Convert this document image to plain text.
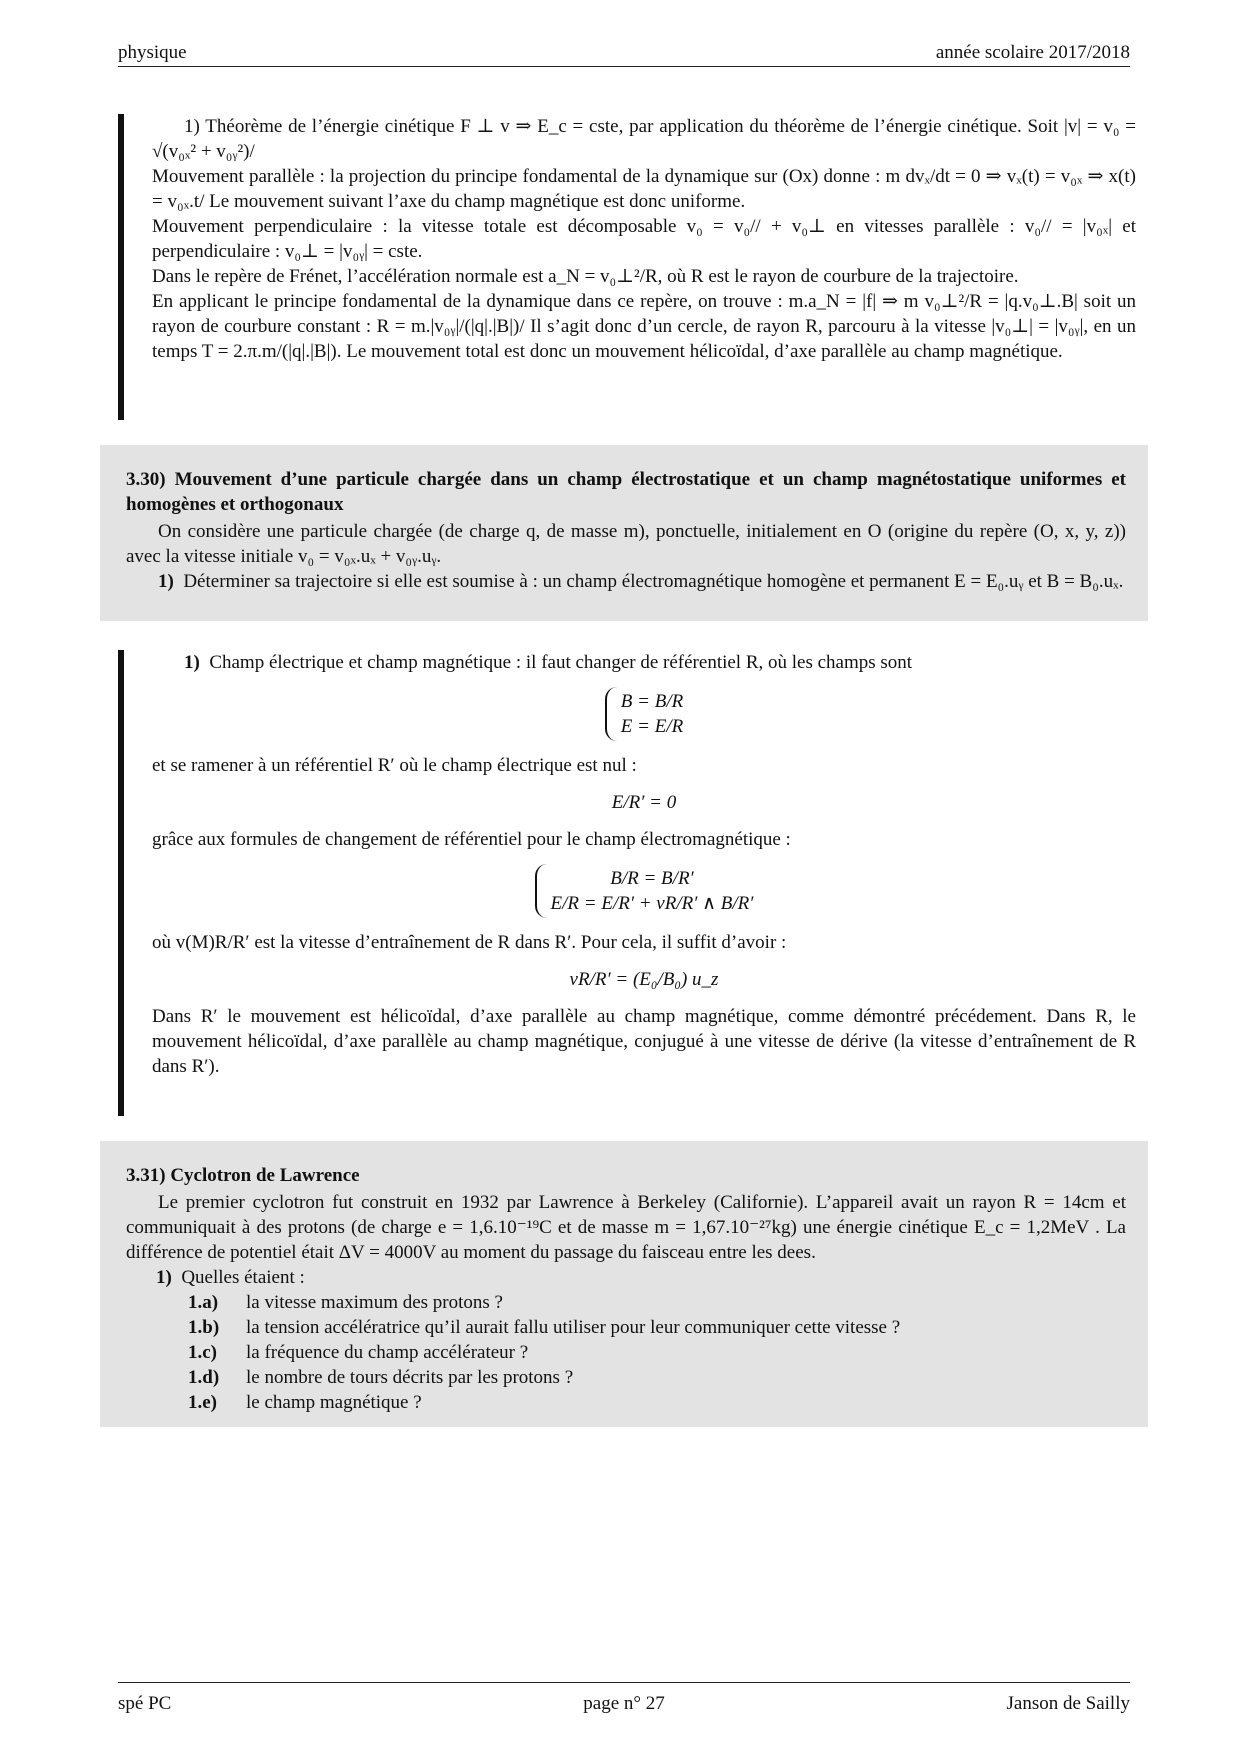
physique	année scolaire 2017/2018

1) Théorème de l’énergie cinétique F ⊥ v ⇒ E_c = cste, par application du théorème de l’énergie cinétique. Soit |v| = v₀ = √(v₀ₓ² + v₀ᵧ²)/

Mouvement parallèle : la projection du principe fondamental de la dynamique sur (Ox) donne : m dvₓ/dt = 0 ⇒ vₓ(t) = v₀ₓ ⇒ x(t) = v₀ₓ.t/ Le mouvement suivant l’axe du champ magnétique est donc uniforme.

Mouvement perpendiculaire : la vitesse totale est décomposable v₀ = v₀// + v₀⊥ en vitesses parallèle : v₀// = |v₀ₓ| et perpendiculaire : v₀⊥ = |v₀ᵧ| = cste.

Dans le repère de Frénet, l’accélération normale est a_N = v₀⊥²/R, où R est le rayon de courbure de la trajectoire.

En applicant le principe fondamental de la dynamique dans ce repère, on trouve : m.a_N = |f| ⇒ m v₀⊥²/R = |q.v₀⊥.B| soit un rayon de courbure constant : R = m.|v₀ᵧ|/(|q|.|B|)/ Il s’agit donc d’un cercle, de rayon R, parcouru à la vitesse |v₀⊥| = |v₀ᵧ|, en un temps T = 2.π.m/(|q|.|B|). Le mouvement total est donc un mouvement hélicoïdal, d’axe parallèle au champ magnétique.

3.30) Mouvement d’une particule chargée dans un champ électrostatique et un champ magnétostatique uniformes et homogènes et orthogonaux

On considère une particule chargée (de charge q, de masse m), ponctuelle, initialement en O (origine du repère (O, x, y, z)) avec la vitesse initiale v₀ = v₀ₓ.uₓ + v₀ᵧ.uᵧ.

1) Déterminer sa trajectoire si elle est soumise à : un champ électromagnétique homogène et permanent E = E₀.uᵧ et B = B₀.uₓ.

1) Champ électrique et champ magnétique : il faut changer de référentiel R, où les champs sont

B = B/R
E = E/R

et se ramener à un référentiel R′ où le champ électrique est nul :

E/R′ = 0

grâce aux formules de changement de référentiel pour le champ électromagnétique :

B/R = B/R′
E/R = E/R′ + vR/R′ ∧ B/R′

où v(M)R/R′ est la vitesse d’entraînement de R dans R′. Pour cela, il suffit d’avoir :

vR/R′ = (E₀/B₀) u_z

Dans R′ le mouvement est hélicoïdal, d’axe parallèle au champ magnétique, comme démontré précédement. Dans R, le mouvement hélicoïdal, d’axe parallèle au champ magnétique, conjugué à une vitesse de dérive (la vitesse d’entraînement de R dans R′).

3.31) Cyclotron de Lawrence

Le premier cyclotron fut construit en 1932 par Lawrence à Berkeley (Californie). L’appareil avait un rayon R = 14cm et communiquait à des protons (de charge e = 1,6.10⁻¹⁹C et de masse m = 1,67.10⁻²⁷kg) une énergie cinétique E_c = 1,2MeV . La différence de potentiel était ΔV = 4000V au moment du passage du faisceau entre les dees.

1) Quelles étaient :

1.a) la vitesse maximum des protons ?

1.b) la tension accélératrice qu’il aurait fallu utiliser pour leur communiquer cette vitesse ?

1.c) la fréquence du champ accélérateur ?

1.d) le nombre de tours décrits par les protons ?

1.e) le champ magnétique ?

spé PC	page n° 27	Janson de Sailly
